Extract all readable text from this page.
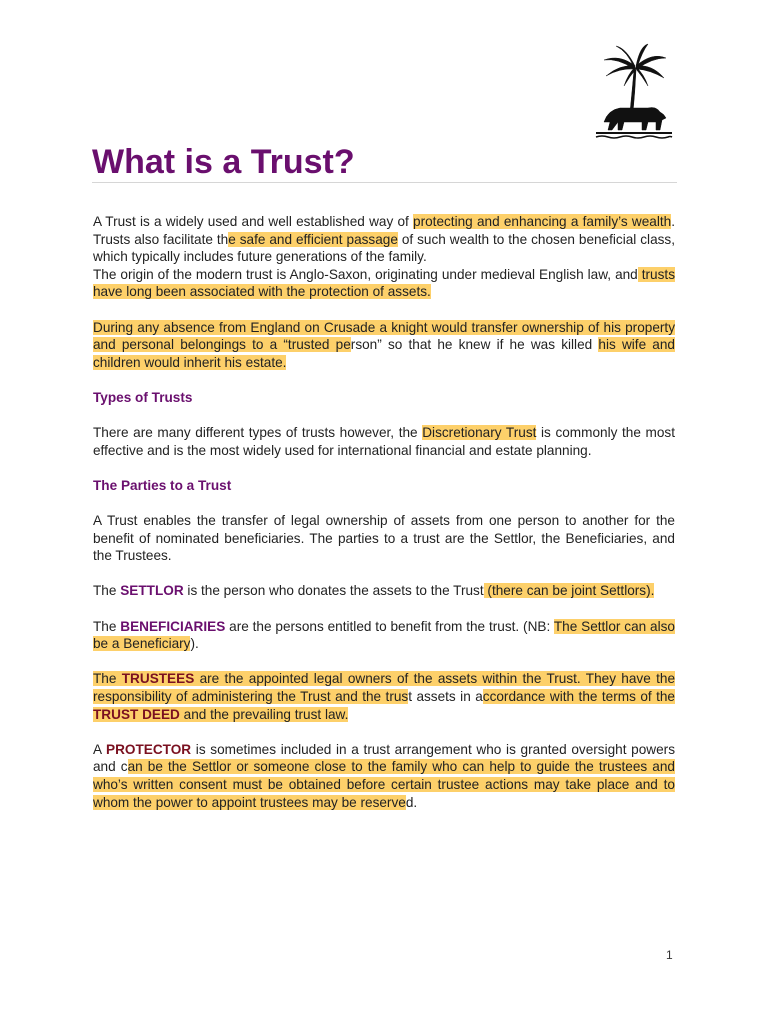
What is a Trust?

A Trust is a widely used and well established way of protecting and enhancing a family’s wealth. Trusts also facilitate the safe and efficient passage of such wealth to the chosen beneficial class, which typically includes future generations of the family.

The origin of the modern trust is Anglo-Saxon, originating under medieval English law, and trusts have long been associated with the protection of assets.

During any absence from England on Crusade a knight would transfer ownership of his property and personal belongings to a “trusted person” so that he knew if he was killed his wife and children would inherit his estate.

Types of Trusts

There are many different types of trusts however, the Discretionary Trust is commonly the most effective and is the most widely used for international financial and estate planning.

The Parties to a Trust

A Trust enables the transfer of legal ownership of assets from one person to another for the benefit of nominated beneficiaries. The parties to a trust are the Settlor, the Beneficiaries, and the Trustees.

The SETTLOR is the person who donates the assets to the Trust (there can be joint Settlors).

The BENEFICIARIES are the persons entitled to benefit from the trust. (NB: The Settlor can also be a Beneficiary).

The TRUSTEES are the appointed legal owners of the assets within the Trust. They have the responsibility of administering the Trust and the trust assets in accordance with the terms of the TRUST DEED and the prevailing trust law.

A PROTECTOR is sometimes included in a trust arrangement who is granted oversight powers and can be the Settlor or someone close to the family who can help to guide the trustees and who’s written consent must be obtained before certain trustee actions may take place and to whom the power to appoint trustees may be reserved.

1
